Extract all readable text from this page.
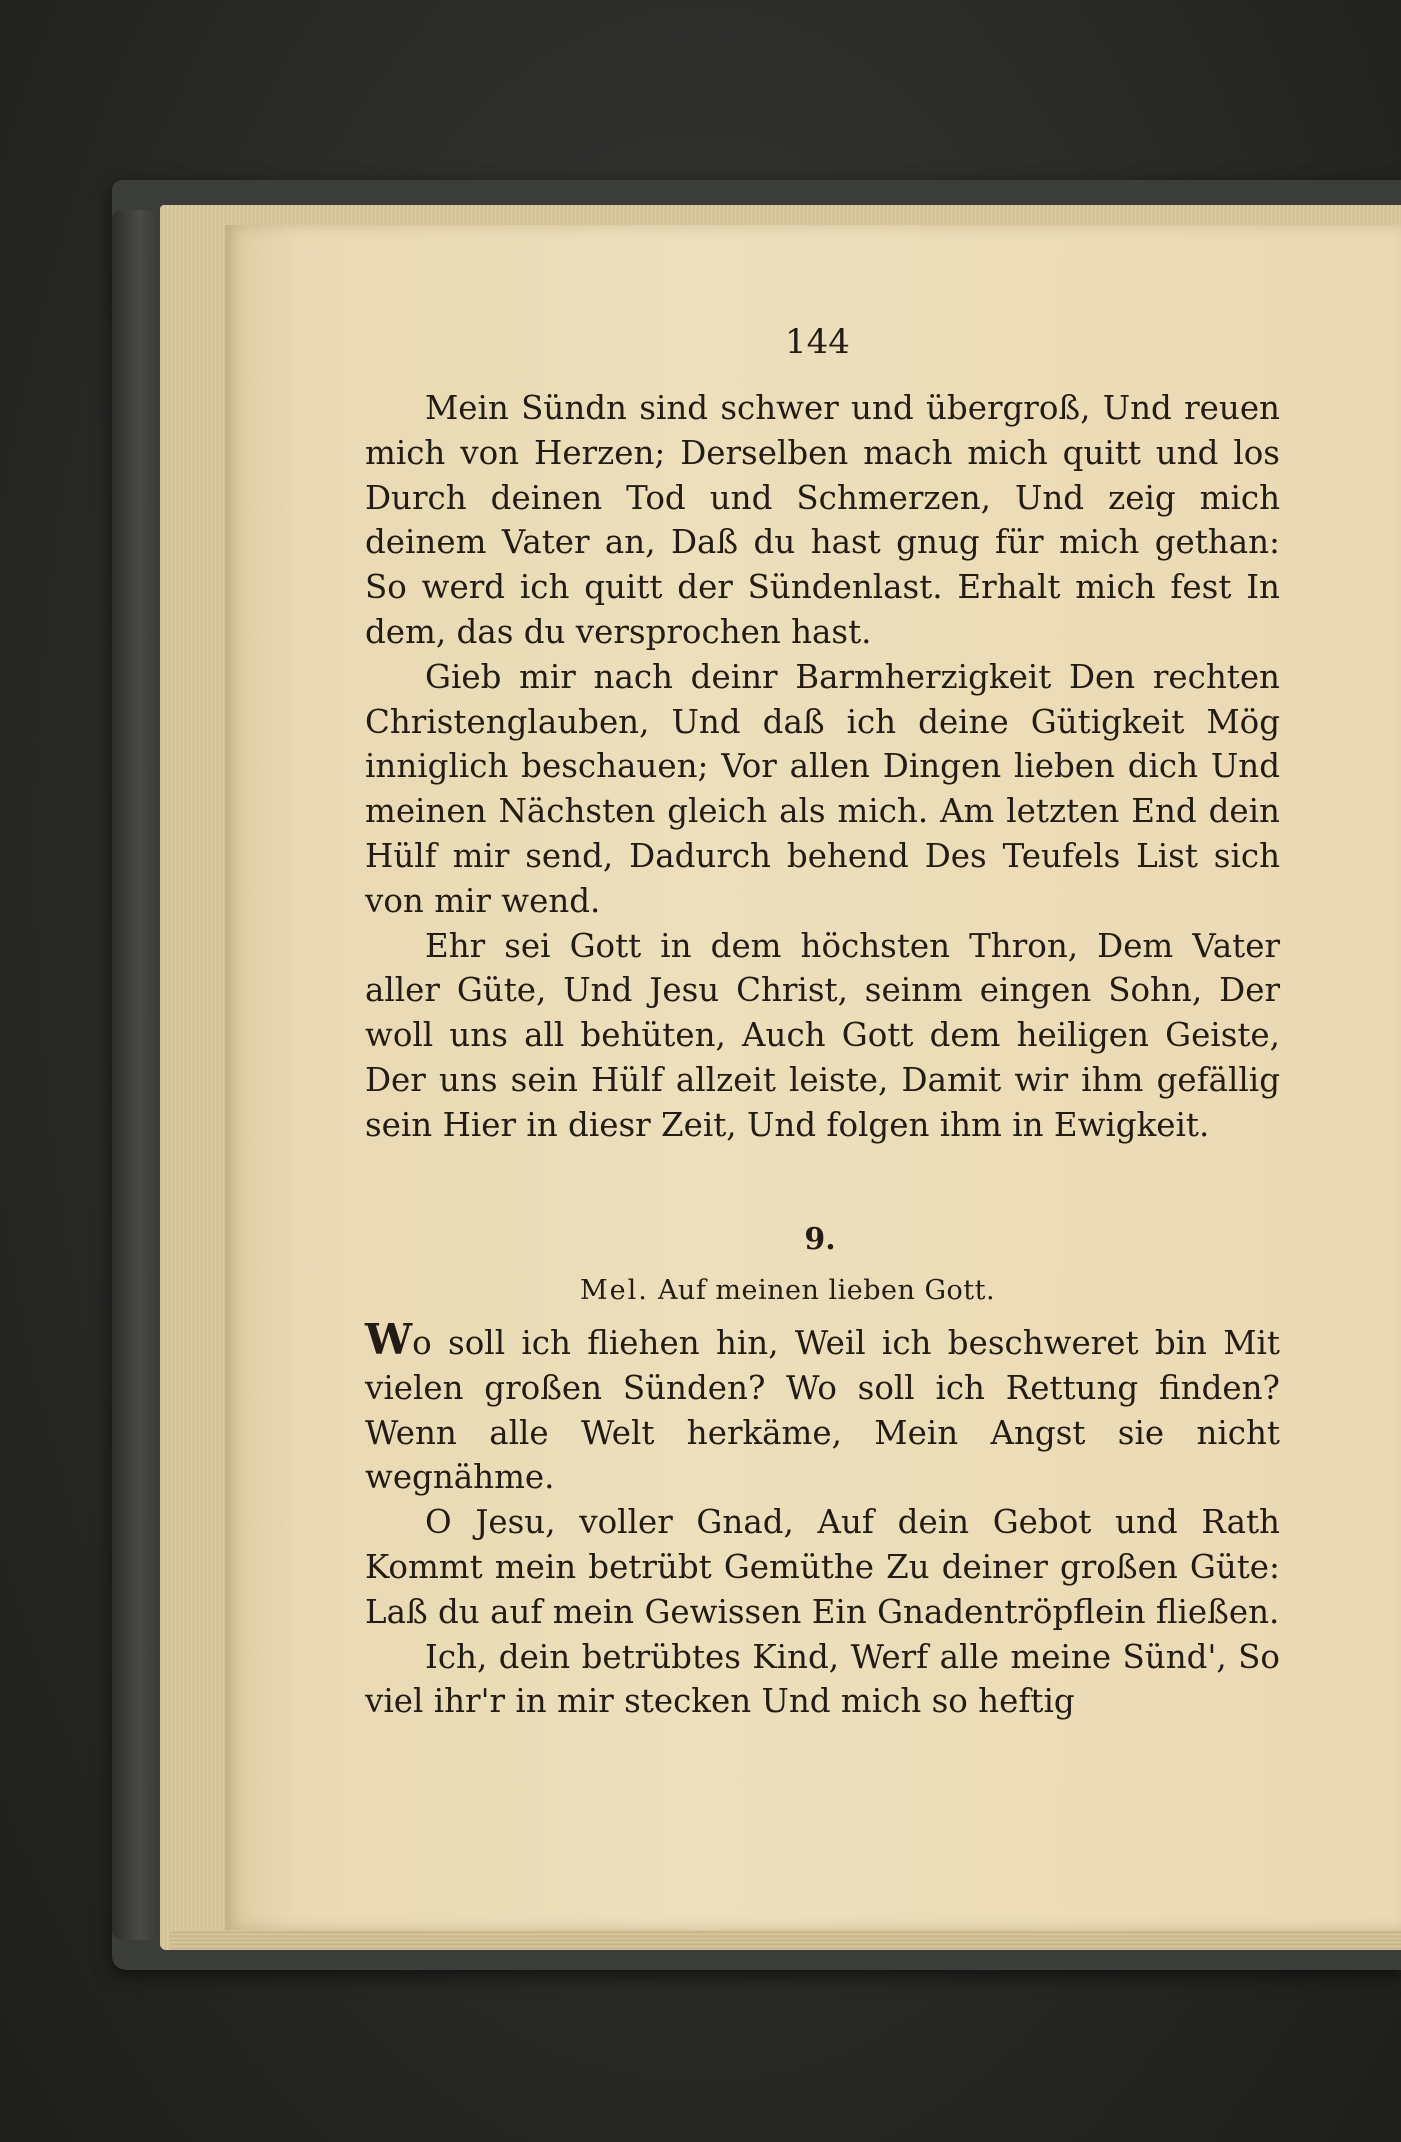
144

Mein Sündn sind schwer und übergroß, Und reuen mich von Herzen; Derselben mach mich quitt und los Durch deinen Tod und Schmerzen, Und zeig mich deinem Vater an, Daß du hast gnug für mich gethan: So werd ich quitt der Sündenlast. Erhalt mich fest In dem, das du versprochen hast.

Gieb mir nach deinr Barmherzigkeit Den rechten Christenglauben, Und daß ich deine Gütigkeit Mög inniglich beschauen; Vor allen Dingen lieben dich Und meinen Nächsten gleich als mich. Am letzten End dein Hülf mir send, Dadurch behend Des Teufels List sich von mir wend.

Ehr sei Gott in dem höchsten Thron, Dem Vater aller Güte, Und Jesu Christ, seinm eingen Sohn, Der woll uns all behüten, Auch Gott dem heiligen Geiste, Der uns sein Hülf allzeit leiste, Damit wir ihm gefällig sein Hier in diesr Zeit, Und folgen ihm in Ewigkeit.

9.
Mel. Auf meinen lieben Gott.

Wo soll ich fliehen hin, Weil ich beschweret bin Mit vielen großen Sünden? Wo soll ich Rettung finden? Wenn alle Welt herkäme, Mein Angst sie nicht wegnähme.

O Jesu, voller Gnad, Auf dein Gebot und Rath Kommt mein betrübt Gemüthe Zu deiner großen Güte: Laß du auf mein Gewissen Ein Gnadentröpflein fließen.

Ich, dein betrübtes Kind, Werf alle meine Sünd', So viel ihr'r in mir stecken Und mich so heftig
